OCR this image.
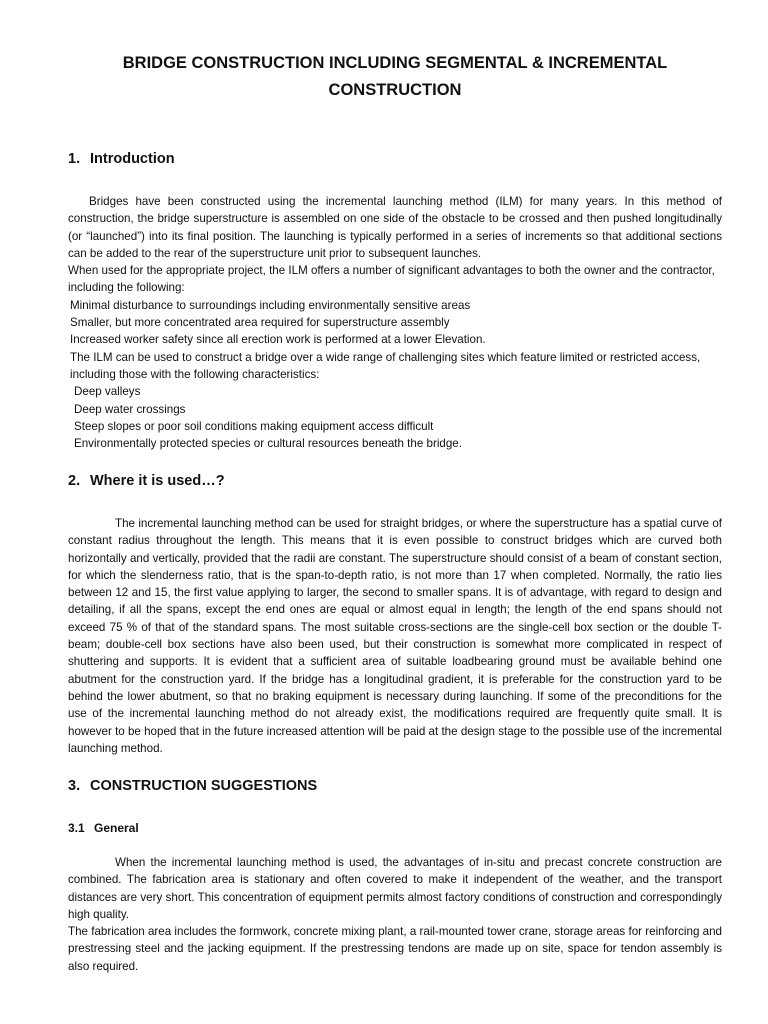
BRIDGE CONSTRUCTION INCLUDING SEGMENTAL & INCREMENTAL CONSTRUCTION
1. Introduction

Bridges have been constructed using the incremental launching method (ILM) for many years. In this method of construction, the bridge superstructure is assembled on one side of the obstacle to be crossed and then pushed longitudinally (or “launched”) into its final position. The launching is typically performed in a series of increments so that additional sections can be added to the rear of the superstructure unit prior to subsequent launches.

When used for the appropriate project, the ILM offers a number of significant advantages to both the owner and the contractor, including the following:

Minimal disturbance to surroundings including environmentally sensitive areas
Smaller, but more concentrated area required for superstructure assembly
Increased worker safety since all erection work is performed at a lower Elevation.

The ILM can be used to construct a bridge over a wide range of challenging sites which feature limited or restricted access, including those with the following characteristics:

Deep valleys
Deep water crossings
Steep slopes or poor soil conditions making equipment access difficult
Environmentally protected species or cultural resources beneath the bridge.
2. Where it is used…?

The incremental launching method can be used for straight bridges, or where the superstructure has a spatial curve of constant radius throughout the length. This means that it is even possible to construct bridges which are curved both horizontally and vertically, provided that the radii are constant. The superstructure should consist of a beam of constant section, for which the slenderness ratio, that is the span-to-depth ratio, is not more than 17 when completed. Normally, the ratio lies between 12 and 15, the first value applying to larger, the second to smaller spans. It is of advantage, with regard to design and detailing, if all the spans, except the end ones are equal or almost equal in length; the length of the end spans should not exceed 75 % of that of the standard spans. The most suitable cross-sections are the single-cell box section or the double T-beam; double-cell box sections have also been used, but their construction is somewhat more complicated in respect of shuttering and supports. It is evident that a sufficient area of suitable loadbearing ground must be available behind one abutment for the construction yard. If the bridge has a longitudinal gradient, it is preferable for the construction yard to be behind the lower abutment, so that no braking equipment is necessary during launching. If some of the preconditions for the use of the incremental launching method do not already exist, the modifications required are frequently quite small. It is however to be hoped that in the future increased attention will be paid at the design stage to the possible use of the incremental launching method.

3. CONSTRUCTION SUGGESTIONS
3.1 General

When the incremental launching method is used, the advantages of in-situ and precast concrete construction are combined. The fabrication area is stationary and often covered to make it independent of the weather, and the transport distances are very short. This concentration of equipment permits almost factory conditions of construction and correspondingly high quality.

The fabrication area includes the formwork, concrete mixing plant, a rail-mounted tower crane, storage areas for reinforcing and prestressing steel and the jacking equipment. If the prestressing tendons are made up on site, space for tendon assembly is also required.
